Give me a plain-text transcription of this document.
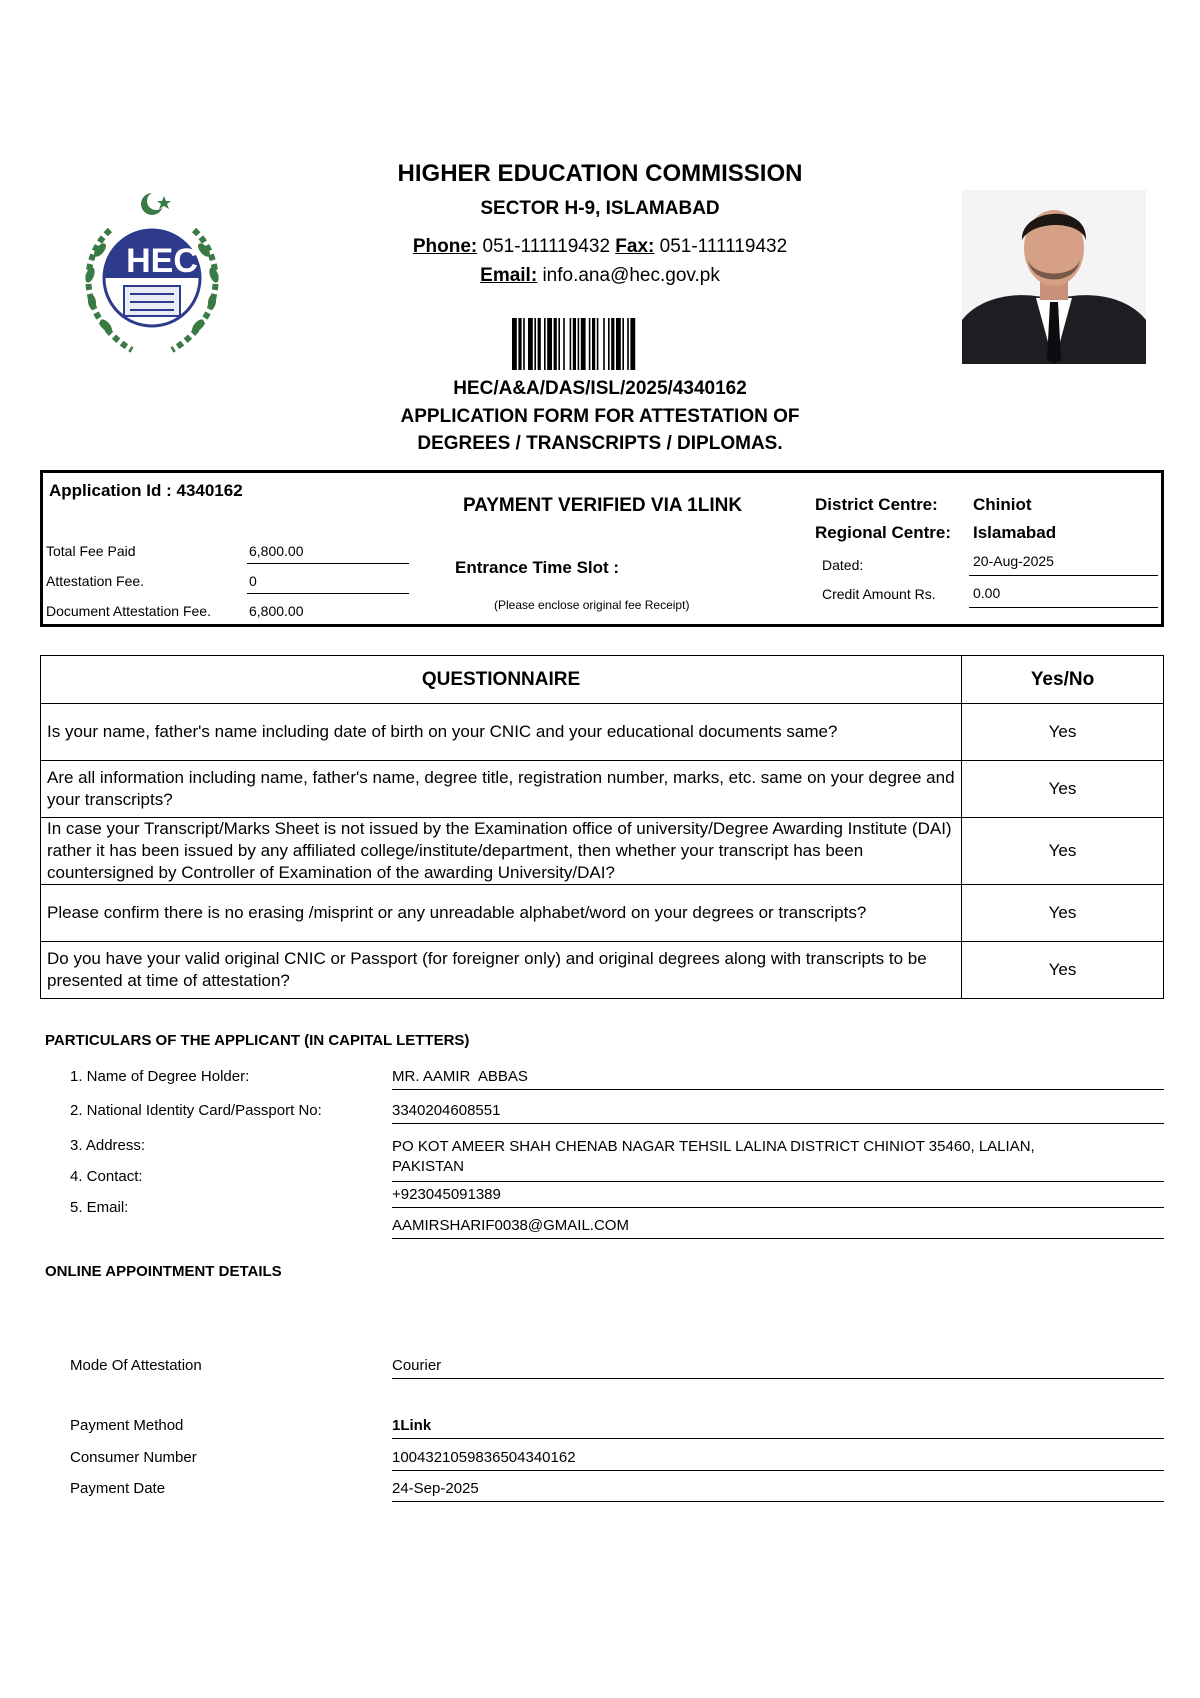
HEC
HIGHER EDUCATION COMMISSION
SECTOR H-9, ISLAMABAD
Phone: 051-111119432 Fax: 051-111119432
Email: info.ana@hec.gov.pk
HEC/A&A/DAS/ISL/2025/4340162
APPLICATION FORM FOR ATTESTATION OF
DEGREES / TRANSCRIPTS / DIPLOMAS.
Application Id : 4340162
Total Fee Paid	6,800.00
Attestation Fee.	0
Document Attestation Fee.	6,800.00
PAYMENT VERIFIED VIA 1LINK
Entrance Time Slot :
(Please enclose original fee Receipt)
District Centre: Chiniot
Regional Centre: Islamabad
Dated:	20-Aug-2025
Credit Amount Rs.	0.00
QUESTIONNAIRE	Yes/No
Is your name, father's name including date of birth on your CNIC and your educational documents same?	Yes
Are all information including name, father's name, degree title, registration number, marks, etc. same on your degree and your transcripts?	Yes
In case your Transcript/Marks Sheet is not issued by the Examination office of university/Degree Awarding Institute (DAI) rather it has been issued by any affiliated college/institute/department, then whether your transcript has been countersigned by Controller of Examination of the awarding University/DAI?	Yes
Please confirm there is no erasing /misprint or any unreadable alphabet/word on your degrees or transcripts?	Yes
Do you have your valid original CNIC or Passport (for foreigner only) and original degrees along with transcripts to be presented at time of attestation?	Yes
PARTICULARS OF THE APPLICANT (IN CAPITAL LETTERS)
1. Name of Degree Holder:	MR. AAMIR  ABBAS
2. National Identity Card/Passport No:	3340204608551
3. Address:	PO KOT AMEER SHAH CHENAB NAGAR TEHSIL LALINA DISTRICT CHINIOT 35460, LALIAN, PAKISTAN
4. Contact:
+923045091389
5. Email:
AAMIRSHARIF0038@GMAIL.COM
ONLINE APPOINTMENT DETAILS
Mode Of Attestation	Courier
Payment Method	1Link
Consumer Number	1004321059836504340162
Payment Date	24-Sep-2025
